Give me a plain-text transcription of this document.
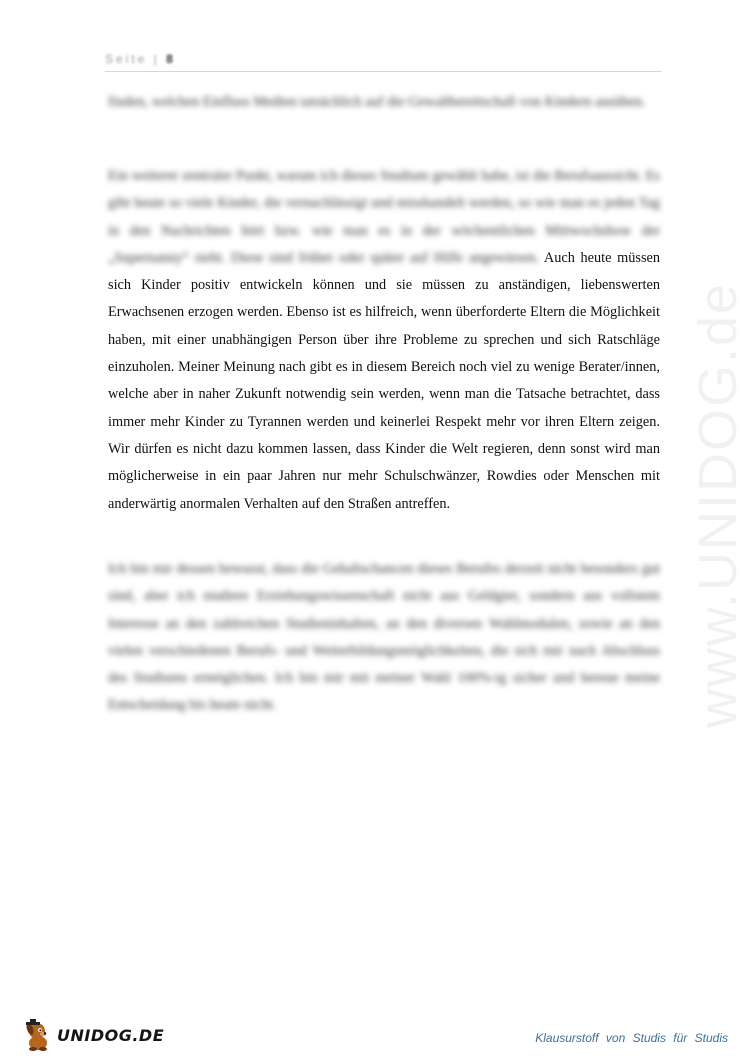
Seite | 8

finden, welchen Einfluss Medien tatsächlich auf die Gewaltbereitschaft von Kindern ausüben.

Ein weiterer zentraler Punkt, warum ich dieses Studium gewählt habe, ist die Berufsaussicht. Es gibt heute so viele Kinder, die vernachlässigt und misshandelt werden, so wie man es jeden Tag in den Nachrichten hört bzw. wie man es in der wöchentlichen Mittwochshow der „Supernanny“ sieht. Diese sind früher oder später auf Hilfe angewiesen. Auch heute müssen sich Kinder positiv entwickeln können und sie müssen zu anständigen, liebenswerten Erwachsenen erzogen werden. Ebenso ist es hilfreich, wenn überforderte Eltern die Möglichkeit haben, mit einer unabhängigen Person über ihre Probleme zu sprechen und sich Ratschläge einzuholen. Meiner Meinung nach gibt es in diesem Bereich noch viel zu wenige Berater/innen, welche aber in naher Zukunft notwendig sein werden, wenn man die Tatsache betrachtet, dass immer mehr Kinder zu Tyrannen werden und keinerlei Respekt mehr vor ihren Eltern zeigen. Wir dürfen es nicht dazu kommen lassen, dass Kinder die Welt regieren, denn sonst wird man möglicherweise in ein paar Jahren nur mehr Schulschwänzer, Rowdies oder Menschen mit anderwärtig anormalen Verhalten auf den Straßen antreffen.

Ich bin mir dessen bewusst, dass die Gehaltschancen dieses Berufes derzeit nicht besonders gut sind, aber ich studiere Erziehungswissenschaft nicht aus Geldgier, sondern aus vollstem Interesse an den zahlreichen Studieninhalten, an den diversen Wahlmodulen, sowie an den vielen verschiedenen Berufs- und Weiterbildungsmöglichkeiten, die sich mir nach Abschluss des Studiums ermöglichen. Ich bin mir mit meiner Wahl 100%-ig sicher und bereue meine Entscheidung bis heute nicht.	www.UNIDOG.de
UNIDOG.DE	Klausurstoff von Studis für Studis
